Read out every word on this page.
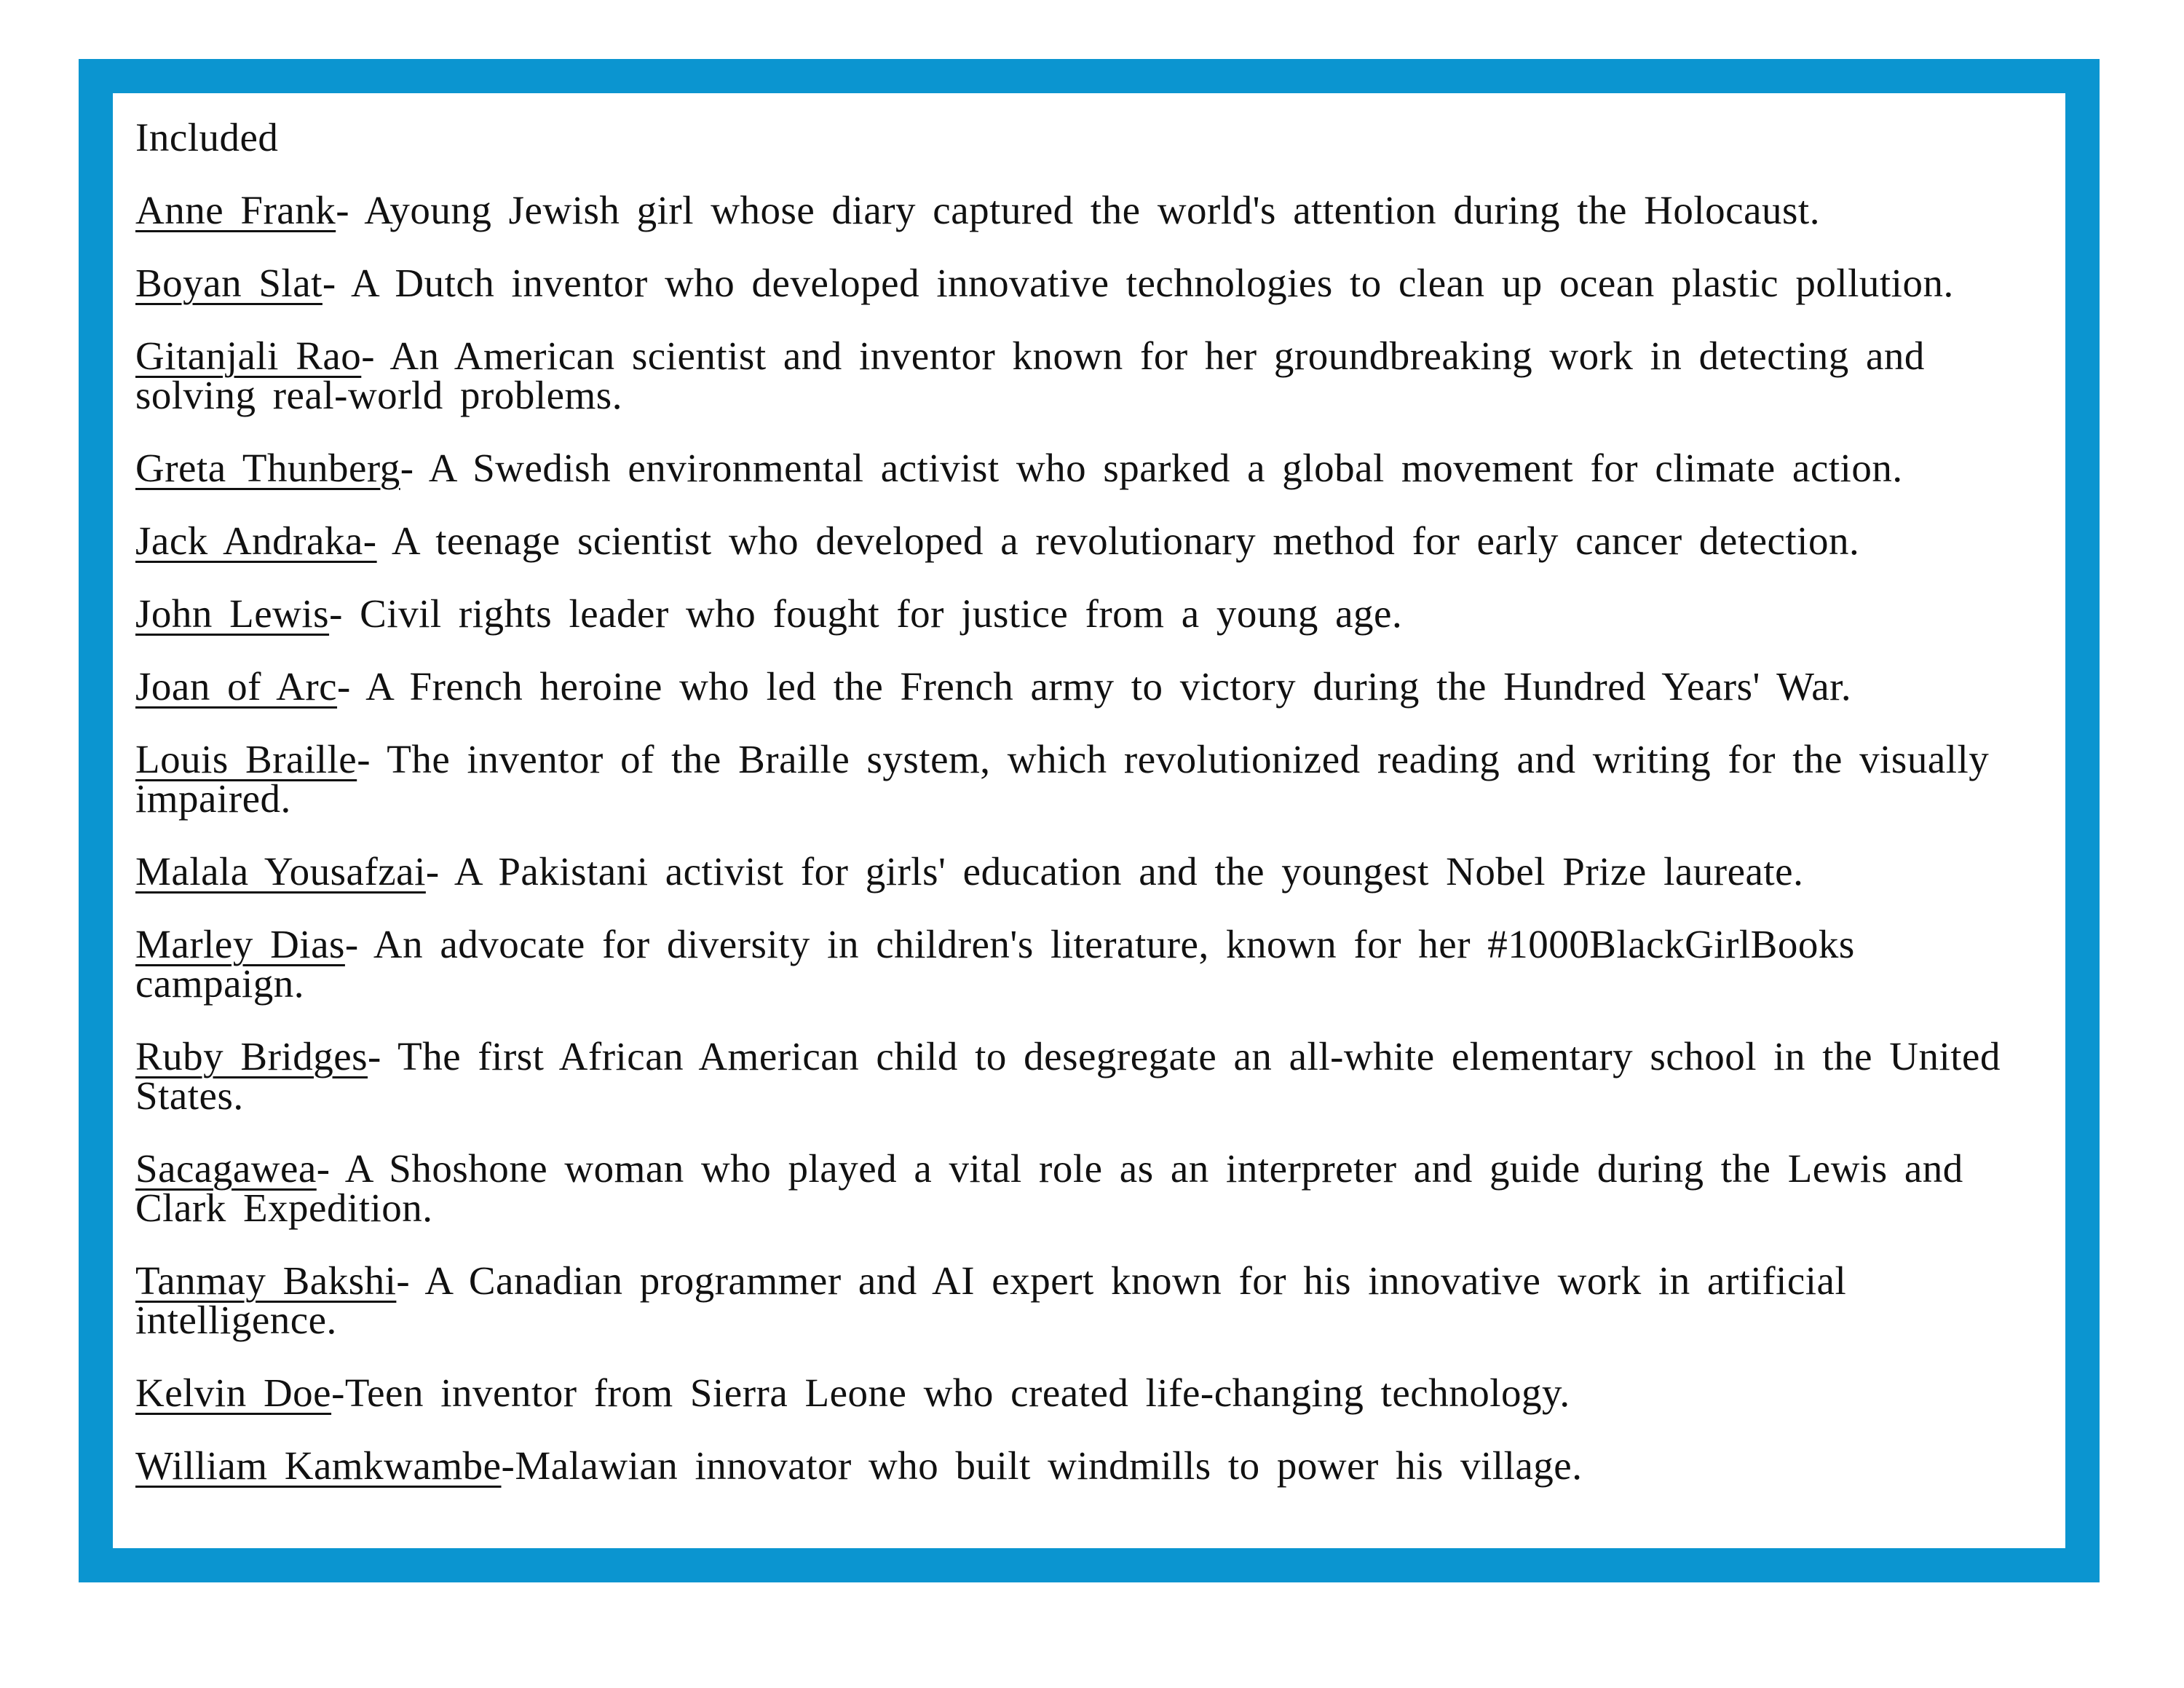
Included
Anne Frank- Ayoung Jewish girl whose diary captured the world's attention during the Holocaust.
Boyan Slat- A Dutch inventor who developed innovative technologies to clean up ocean plastic pollution.
Gitanjali Rao- An American scientist and inventor known for her groundbreaking work in detecting and solving real-world problems.
Greta Thunberg- A Swedish environmental activist who sparked a global movement for climate action.
Jack Andraka- A teenage scientist who developed a revolutionary method for early cancer detection.
John Lewis- Civil rights leader who fought for justice from a young age.
Joan of Arc- A French heroine who led the French army to victory during the Hundred Years' War.
Louis Braille- The inventor of the Braille system, which revolutionized reading and writing for the visually impaired.
Malala Yousafzai- A Pakistani activist for girls' education and the youngest Nobel Prize laureate.
Marley Dias- An advocate for diversity in children's literature, known for her #1000BlackGirlBooks campaign.
Ruby Bridges- The first African American child to desegregate an all-white elementary school in the United States.
Sacagawea- A Shoshone woman who played a vital role as an interpreter and guide during the Lewis and Clark Expedition.
Tanmay Bakshi- A Canadian programmer and AI expert known for his innovative work in artificial intelligence.
Kelvin Doe-Teen inventor from Sierra Leone who created life-changing technology.
William Kamkwambe-Malawian innovator who built windmills to power his village.
